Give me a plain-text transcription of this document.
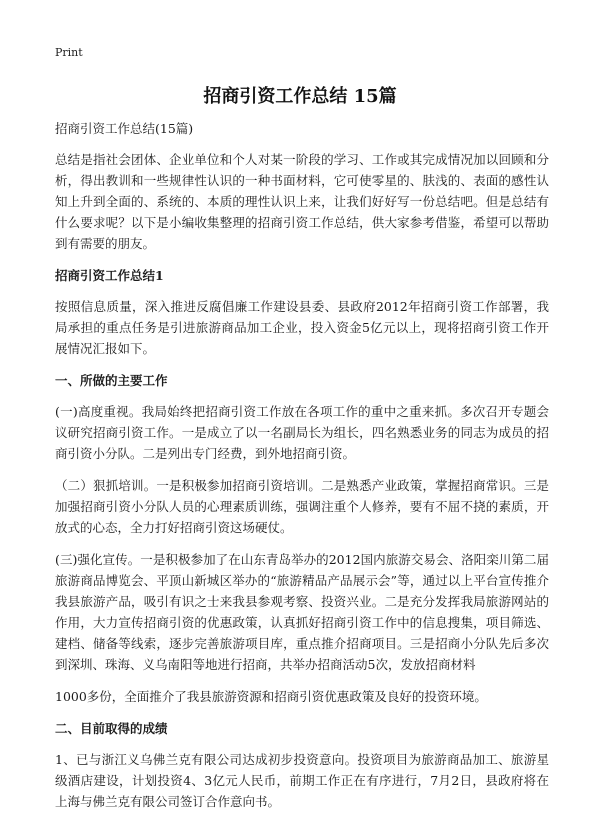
Print
招商引资工作总结 15篇
招商引资工作总结(15篇)

总结是指社会团体、企业单位和个人对某一阶段的学习、工作或其完成情况加以回顾和分析，得出教训和一些规律性认识的一种书面材料，它可使零星的、肤浅的、表面的感性认知上升到全面的、系统的、本质的理性认识上来，让我们好好写一份总结吧。但是总结有什么要求呢？以下是小编收集整理的招商引资工作总结，供大家参考借鉴，希望可以帮助到有需要的朋友。

招商引资工作总结1

按照信息质量，深入推进反腐倡廉工作建设县委、县政府2012年招商引资工作部署，我局承担的重点任务是引进旅游商品加工企业，投入资金5亿元以上，现将招商引资工作开展情况汇报如下。

一、所做的主要工作

(一)高度重视。我局始终把招商引资工作放在各项工作的重中之重来抓。多次召开专题会议研究招商引资工作。一是成立了以一名副局长为组长，四名熟悉业务的同志为成员的招商引资小分队。二是列出专门经费，到外地招商引资。

（二）狠抓培训。一是积极参加招商引资培训。二是熟悉产业政策，掌握招商常识。三是加强招商引资小分队人员的心理素质训练，强调注重个人修养，要有不屈不挠的素质，开放式的心态，全力打好招商引资这场硬仗。

(三)强化宣传。一是积极参加了在山东青岛举办的2012国内旅游交易会、洛阳栾川第二届旅游商品博览会、平顶山新城区举办的“旅游精品产品展示会”等，通过以上平台宣传推介我县旅游产品，吸引有识之士来我县参观考察、投资兴业。二是充分发挥我局旅游网站的作用，大力宣传招商引资的优惠政策，认真抓好招商引资工作中的信息搜集，项目筛选、建档、储备等线索，逐步完善旅游项目库，重点推介招商项目。三是招商小分队先后多次到深圳、珠海、义乌南阳等地进行招商，共举办招商活动5次，发放招商材料

1000多份，全面推介了我县旅游资源和招商引资优惠政策及良好的投资环境。

二、目前取得的成绩

1、已与浙江义乌佛兰克有限公司达成初步投资意向。投资项目为旅游商品加工、旅游星级酒店建设，计划投资4、3亿元人民币，前期工作正在有序进行，7月2日，县政府将在上海与佛兰克有限公司签订合作意向书。
